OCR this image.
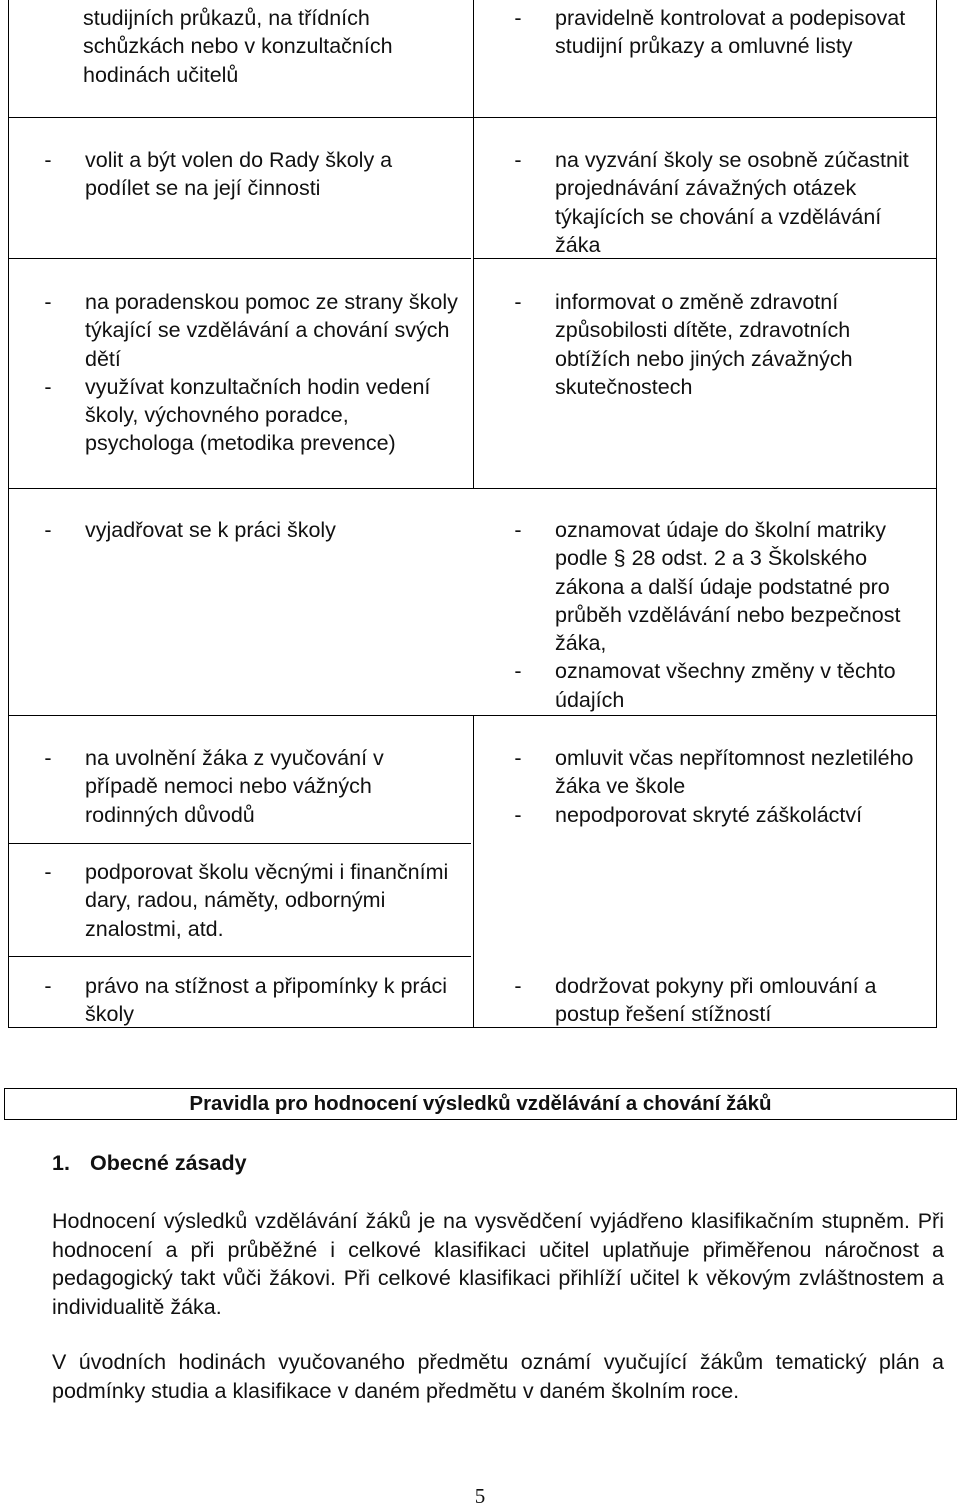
studijních průkazů, na třídních schůzkách nebo v konzultačních hodinách učitelů
- pravidelně kontrolovat a podepisovat studijní průkazy a omluvné listy
- volit a být volen do Rady školy a podílet se na její činnosti
- na vyzvání školy se osobně zúčastnit projednávání závažných otázek týkajících se chování a vzdělávání žáka
- na poradenskou pomoc ze strany školy týkající se vzdělávání a chování svých dětí
- využívat konzultačních hodin vedení školy, výchovného poradce, psychologa (metodika prevence)
- informovat o změně zdravotní způsobilosti dítěte, zdravotních obtížích nebo jiných závažných skutečnostech
- vyjadřovat se k práci školy	- oznamovat údaje do školní matriky podle § 28 odst. 2 a 3 Školského zákona a další údaje podstatné pro průběh vzdělávání nebo bezpečnost žáka,
- oznamovat všechny změny v těchto údajích
- na uvolnění žáka z vyučování v případě nemoci nebo vážných rodinných důvodů
- omluvit včas nepřítomnost nezletilého žáka ve škole
- nepodporovat skryté záškoláctví
- podporovat školu věcnými i finančními dary, radou, náměty, odbornými znalostmi, atd.
- právo na stížnost a připomínky k práci školy
- dodržovat pokyny při omlouvání a postup řešení stížností
Pravidla pro hodnocení výsledků vzdělávání a chování žáků
1. Obecné zásady
Hodnocení výsledků vzdělávání žáků je na vysvědčení vyjádřeno klasifikačním stupněm. Při hodnocení a při průběžné i celkové klasifikaci učitel uplatňuje přiměřenou náročnost a pedagogický takt vůči žákovi. Při celkové klasifikaci přihlíží učitel k věkovým zvláštnostem a individualitě žáka.
V úvodních hodinách vyučovaného předmětu oznámí vyučující žákům tematický plán a podmínky studia a klasifikace v daném předmětu v daném školním roce.
5
